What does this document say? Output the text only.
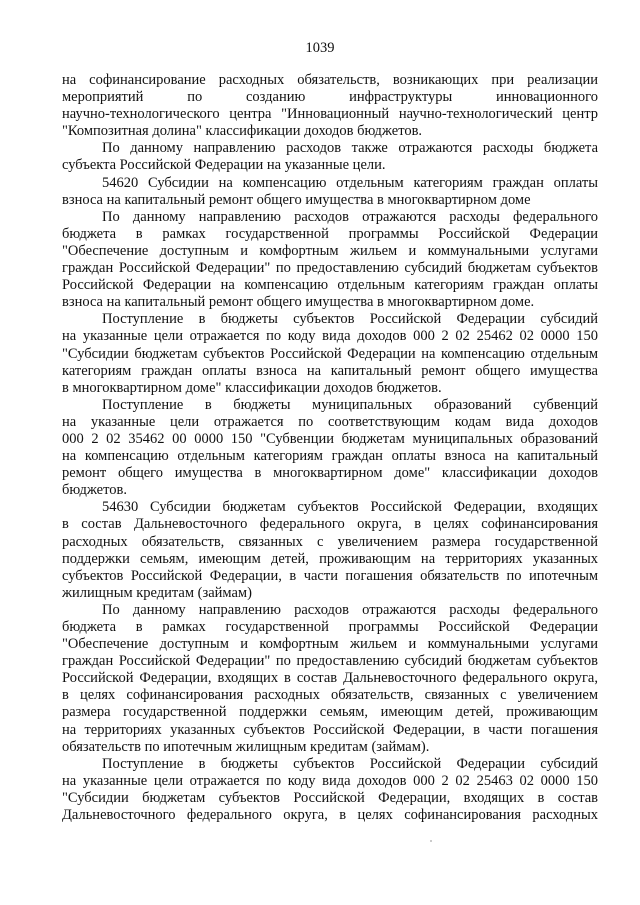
1039
на софинансирование расходных обязательств, возникающих при реализации
мероприятий по созданию инфраструктуры инновационного
научно-технологического центра "Инновационный научно-технологический центр
"Композитная долина" классификации доходов бюджетов.
По данному направлению расходов также отражаются расходы бюджета
субъекта Российской Федерации на указанные цели.
54620 Субсидии на компенсацию отдельным категориям граждан оплаты
взноса на капитальный ремонт общего имущества в многоквартирном доме
По данному направлению расходов отражаются расходы федерального
бюджета в рамках государственной программы Российской Федерации
"Обеспечение доступным и комфортным жильем и коммунальными услугами
граждан Российской Федерации" по предоставлению субсидий бюджетам субъектов
Российской Федерации на компенсацию отдельным категориям граждан оплаты
взноса на капитальный ремонт общего имущества в многоквартирном доме.
Поступление в бюджеты субъектов Российской Федерации субсидий
на указанные цели отражается по коду вида доходов 000 2 02 25462 02 0000 150
"Субсидии бюджетам субъектов Российской Федерации на компенсацию отдельным
категориям граждан оплаты взноса на капитальный ремонт общего имущества
в многоквартирном доме" классификации доходов бюджетов.
Поступление в бюджеты муниципальных образований субвенций
на указанные цели отражается по соответствующим кодам вида доходов
000 2 02 35462 00 0000 150 "Субвенции бюджетам муниципальных образований
на компенсацию отдельным категориям граждан оплаты взноса на капитальный
ремонт общего имущества в многоквартирном доме" классификации доходов
бюджетов.
54630 Субсидии бюджетам субъектов Российской Федерации, входящих
в состав Дальневосточного федерального округа, в целях софинансирования
расходных обязательств, связанных с увеличением размера государственной
поддержки семьям, имеющим детей, проживающим на территориях указанных
субъектов Российской Федерации, в части погашения обязательств по ипотечным
жилищным кредитам (займам)
По данному направлению расходов отражаются расходы федерального
бюджета в рамках государственной программы Российской Федерации
"Обеспечение доступным и комфортным жильем и коммунальными услугами
граждан Российской Федерации" по предоставлению субсидий бюджетам субъектов
Российской Федерации, входящих в состав Дальневосточного федерального округа,
в целях софинансирования расходных обязательств, связанных с увеличением
размера государственной поддержки семьям, имеющим детей, проживающим
на территориях указанных субъектов Российской Федерации, в части погашения
обязательств по ипотечным жилищным кредитам (займам).
Поступление в бюджеты субъектов Российской Федерации субсидий
на указанные цели отражается по коду вида доходов 000 2 02 25463 02 0000 150
"Субсидии бюджетам субъектов Российской Федерации, входящих в состав
Дальневосточного федерального округа, в целях софинансирования расходных
